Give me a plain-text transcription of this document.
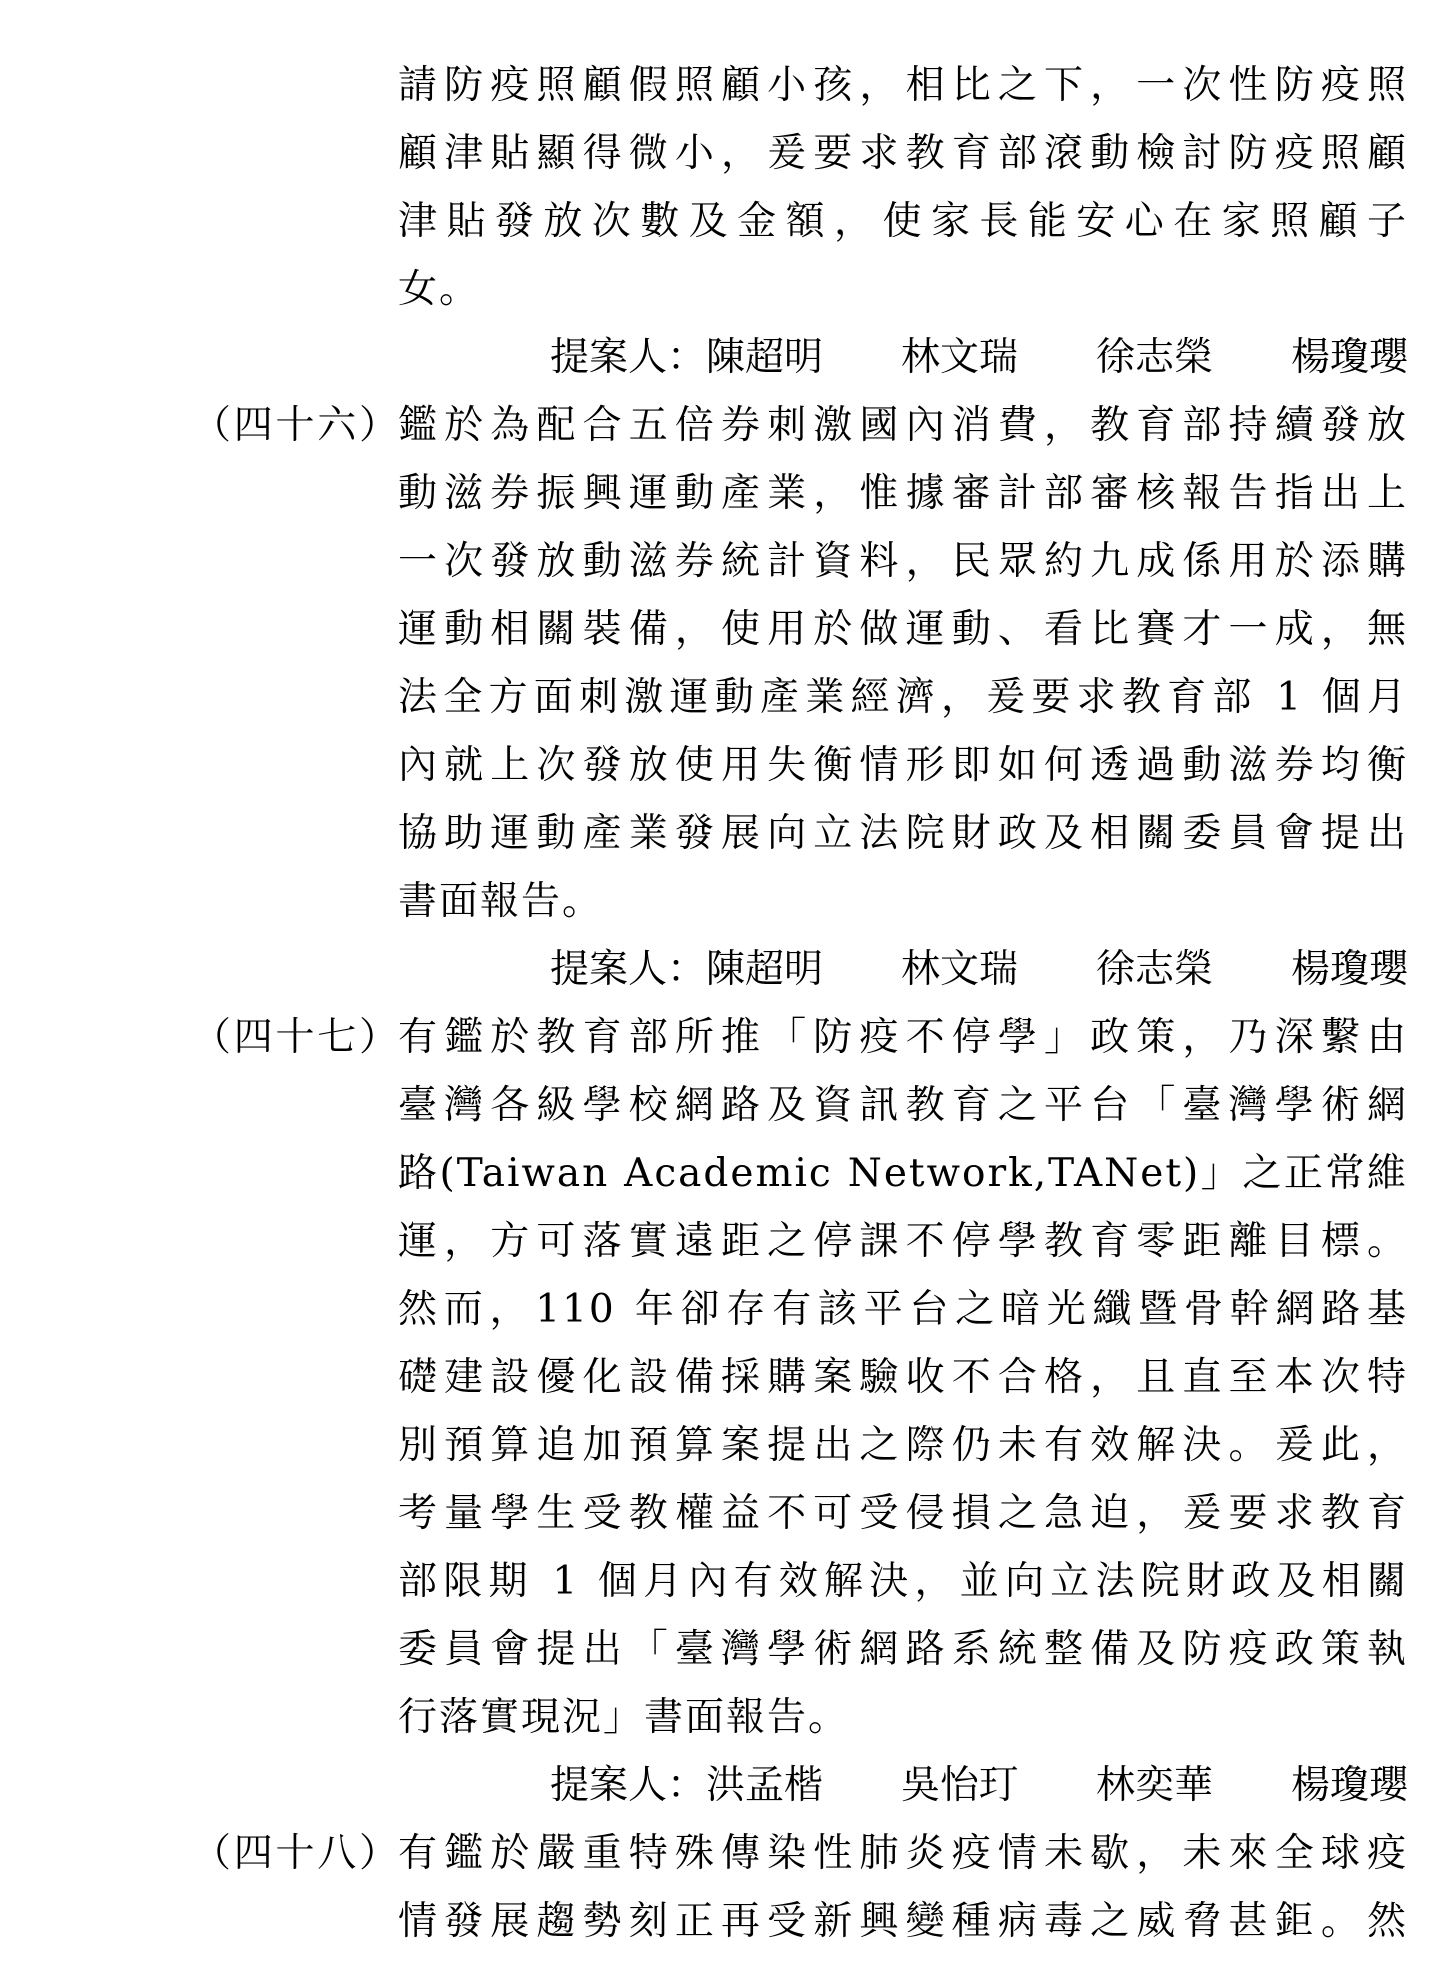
請防疫照顧假照顧小孩，相比之下，一次性防疫照
顧津貼顯得微小，爰要求教育部滾動檢討防疫照顧
津貼發放次數及金額，使家長能安心在家照顧子
女。
提案人：陳超明 林文瑞 徐志榮 楊瓊瓔
（四十六） 鑑於為配合五倍券刺激國內消費，教育部持續發放
動滋券振興運動產業，惟據審計部審核報告指出上
一次發放動滋券統計資料，民眾約九成係用於添購
運動相關裝備，使用於做運動、看比賽才一成，無
法全方面刺激運動產業經濟，爰要求教育部 1 個月
內就上次發放使用失衡情形即如何透過動滋券均衡
協助運動產業發展向立法院財政及相關委員會提出
書面報告。
提案人：陳超明 林文瑞 徐志榮 楊瓊瓔
（四十七） 有鑑於教育部所推「防疫不停學」政策，乃深繫由
臺灣各級學校網路及資訊教育之平台「臺灣學術網
路(Taiwan Academic Network,TANet)」之正常維
運，方可落實遠距之停課不停學教育零距離目標。
然而，110 年卻存有該平台之暗光纖暨骨幹網路基
礎建設優化設備採購案驗收不合格，且直至本次特
別預算追加預算案提出之際仍未有效解決。爰此，
考量學生受教權益不可受侵損之急迫，爰要求教育
部限期 1 個月內有效解決，並向立法院財政及相關
委員會提出「臺灣學術網路系統整備及防疫政策執
行落實現況」書面報告。
提案人：洪孟楷 吳怡玎 林奕華 楊瓊瓔
（四十八） 有鑑於嚴重特殊傳染性肺炎疫情未歇，未來全球疫
情發展趨勢刻正再受新興變種病毒之威脅甚鉅。然
